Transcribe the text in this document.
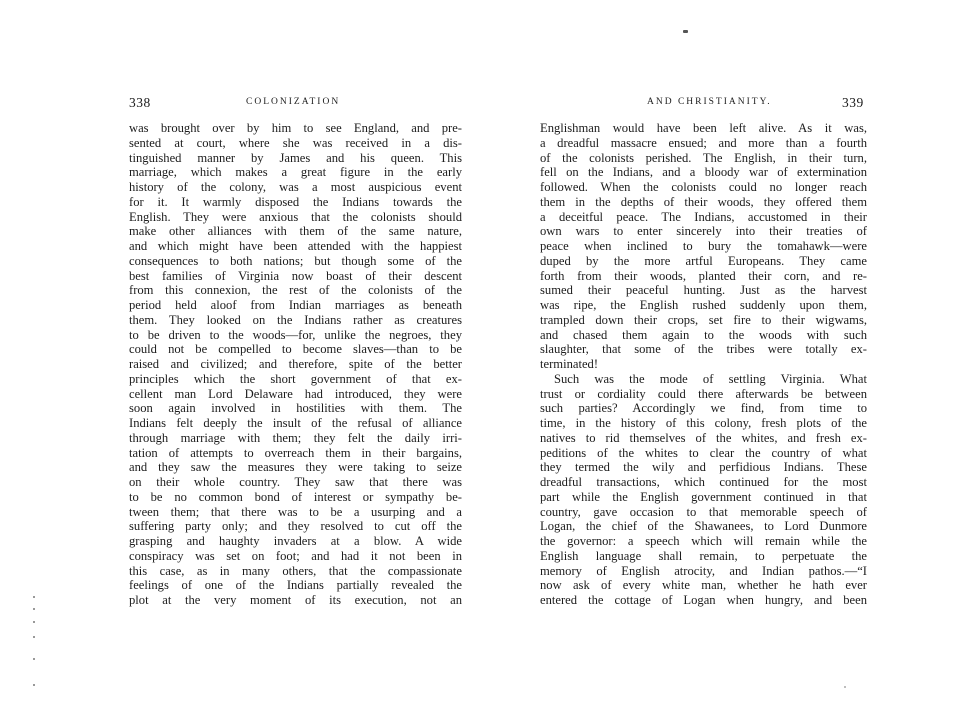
338	COLONIZATION
was brought over by him to see England, and pre-
sented at court, where she was received in a dis-
tinguished manner by James and his queen. This
marriage, which makes a great figure in the early
history of the colony, was a most auspicious event
for it. It warmly disposed the Indians towards the
English. They were anxious that the colonists should
make other alliances with them of the same nature,
and which might have been attended with the happiest
consequences to both nations; but though some of the
best families of Virginia now boast of their descent
from this connexion, the rest of the colonists of the
period held aloof from Indian marriages as beneath
them. They looked on the Indians rather as creatures
to be driven to the woods—for, unlike the negroes, they
could not be compelled to become slaves—than to be
raised and civilized; and therefore, spite of the better
principles which the short government of that ex-
cellent man Lord Delaware had introduced, they were
soon again involved in hostilities with them. The
Indians felt deeply the insult of the refusal of alliance
through marriage with them; they felt the daily irri-
tation of attempts to overreach them in their bargains,
and they saw the measures they were taking to seize
on their whole country. They saw that there was
to be no common bond of interest or sympathy be-
tween them; that there was to be a usurping and a
suffering party only; and they resolved to cut off the
grasping and haughty invaders at a blow. A wide
conspiracy was set on foot; and had it not been in
this case, as in many others, that the compassionate
feelings of one of the Indians partially revealed the
plot at the very moment of its execution, not an
AND CHRISTIANITY.	339
Englishman would have been left alive. As it was,
a dreadful massacre ensued; and more than a fourth
of the colonists perished. The English, in their turn,
fell on the Indians, and a bloody war of extermination
followed. When the colonists could no longer reach
them in the depths of their woods, they offered them
a deceitful peace. The Indians, accustomed in their
own wars to enter sincerely into their treaties of
peace when inclined to bury the tomahawk—were
duped by the more artful Europeans. They came
forth from their woods, planted their corn, and re-
sumed their peaceful hunting. Just as the harvest
was ripe, the English rushed suddenly upon them,
trampled down their crops, set fire to their wigwams,
and chased them again to the woods with such
slaughter, that some of the tribes were totally ex-
terminated!
Such was the mode of settling Virginia. What
trust or cordiality could there afterwards be between
such parties? Accordingly we find, from time to
time, in the history of this colony, fresh plots of the
natives to rid themselves of the whites, and fresh ex-
peditions of the whites to clear the country of what
they termed the wily and perfidious Indians. These
dreadful transactions, which continued for the most
part while the English government continued in that
country, gave occasion to that memorable speech of
Logan, the chief of the Shawanees, to Lord Dunmore
the governor: a speech which will remain while the
English language shall remain, to perpetuate the
memory of English atrocity, and Indian pathos.—“I
now ask of every white man, whether he hath ever
entered the cottage of Logan when hungry, and been
